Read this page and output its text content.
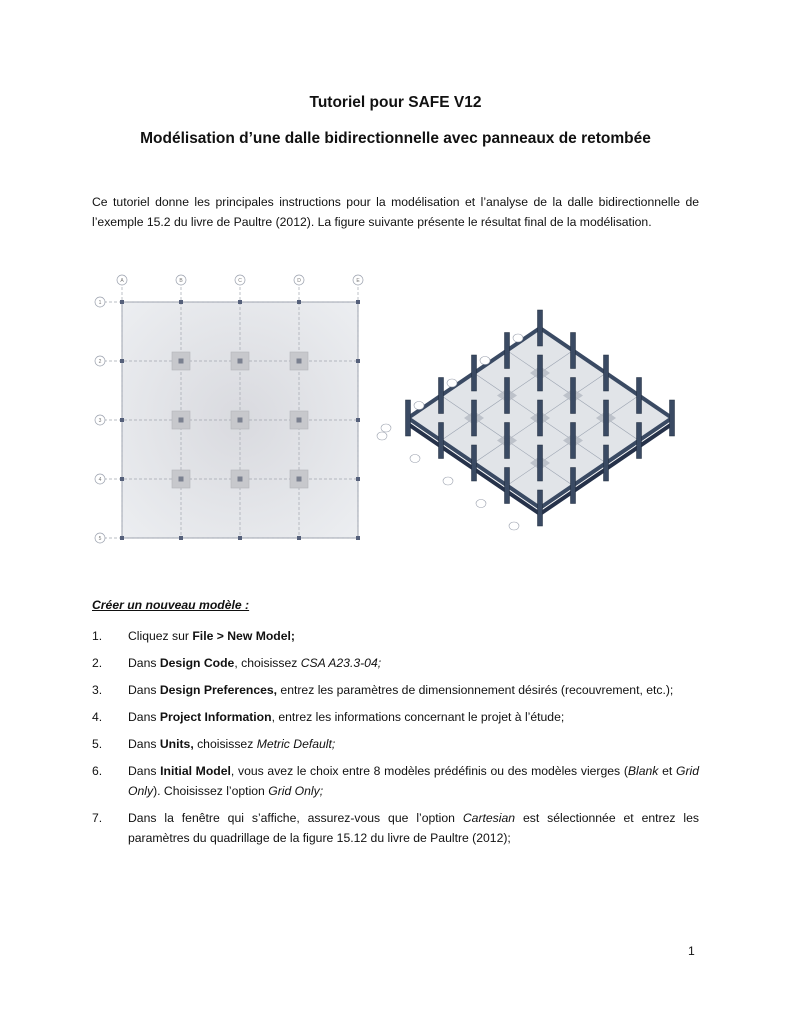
Tutoriel pour SAFE V12
Modélisation d’une dalle bidirectionnelle avec panneaux de retombée
Ce tutoriel donne les principales instructions pour la modélisation et l’analyse de la dalle bidirectionnelle de l’exemple 15.2 du livre de Paultre (2012). La figure suivante présente le résultat final de la modélisation.
A	B	C	D	E
1
2
3
4
5
Créer un nouveau modèle :
1. Cliquez sur File > New Model;
2. Dans Design Code, choisissez CSA A23.3-04;
3. Dans Design Preferences, entrez les paramètres de dimensionnement désirés (recouvrement, etc.);
4. Dans Project Information, entrez les informations concernant le projet à l’étude;
5. Dans Units, choisissez Metric Default;
6. Dans Initial Model, vous avez le choix entre 8 modèles prédéfinis ou des modèles vierges (Blank et Grid Only). Choisissez l’option Grid Only;
7. Dans la fenêtre qui s’affiche, assurez-vous que l’option Cartesian est sélectionnée et entrez les paramètres du quadrillage de la figure 15.12 du livre de Paultre (2012);
1
